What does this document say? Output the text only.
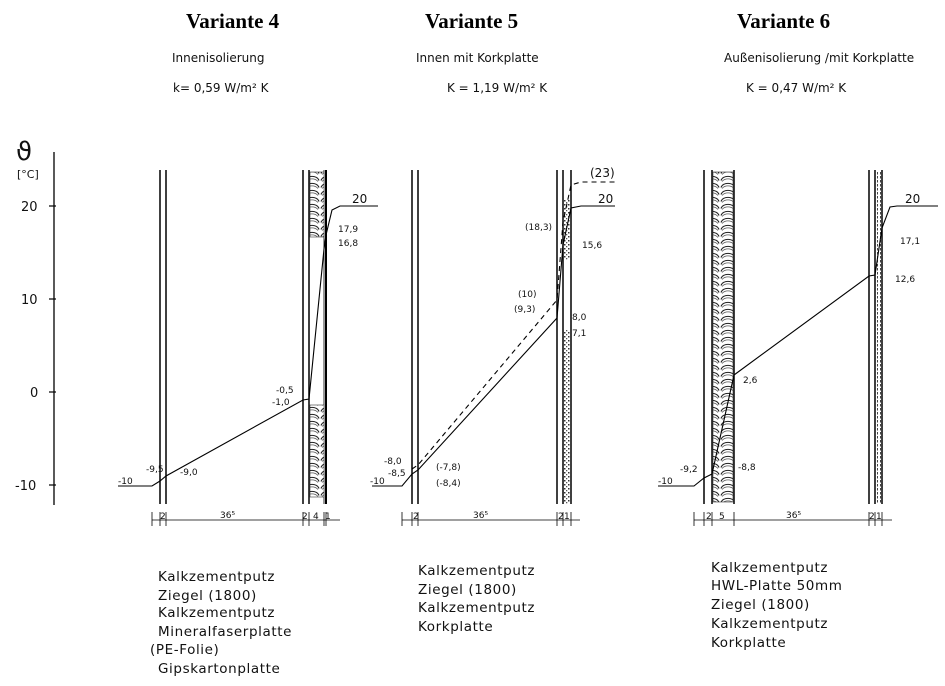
ϑ
[°C]
20
10
0
-10
Variante 4
Innenisolierung
k= 0,59 W/m² K
2	36⁵	2 4 1
-10
-9,5 -9,0
-0,5
-1,0
17,9
16,8
20
Kalkzementputz
Ziegel (1800)
Kalkzementputz
Mineralfaserplatte
(PE-Folie)
Gipskartonplatte
Variante 5
Innen mit Korkplatte
K = 1,19 W/m² K
2	36⁵	2 1
-10
-8,0
-8,5
(-7,8)
(-8,4)
(10)
(9,3)
8,0
7,1
(18,3)
15,6
(23)
20
Kalkzementputz
Ziegel (1800)
Kalkzementputz
Korkplatte
Variante 6
Außenisolierung /mit Korkplatte
K = 0,47 W/m² K
2 5	36⁵	2 1
-10
-9,2	-8,8
2,6
12,6
17,1
20
Kalkzementputz
HWL-Platte 50mm
Ziegel (1800)
Kalkzementputz
Korkplatte
